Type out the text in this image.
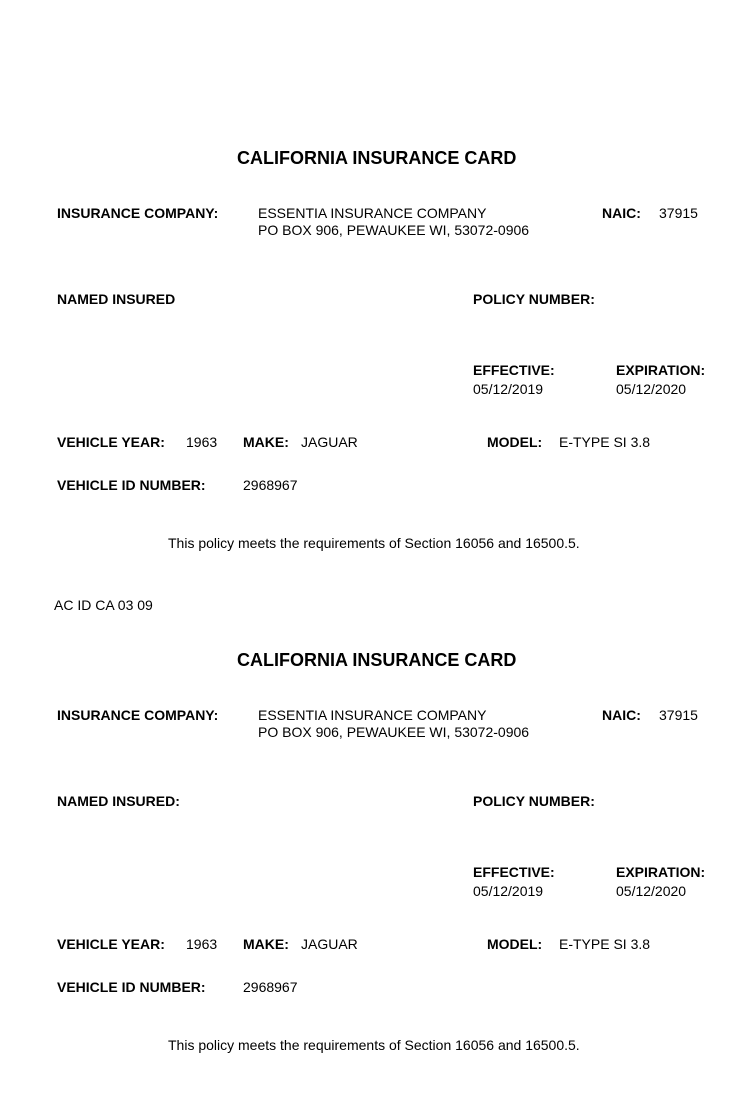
CALIFORNIA INSURANCE CARD
INSURANCE COMPANY:	ESSENTIA INSURANCE COMPANY
PO BOX 906, PEWAUKEE WI, 53072-0906
NAIC: 37915
NAMED INSURED	POLICY NUMBER:
EFFECTIVE:
05/12/2019
EXPIRATION:
05/12/2020
VEHICLE YEAR: 1963 MAKE: JAGUAR	MODEL: E-TYPE SI 3.8
VEHICLE ID NUMBER:	2968967
This policy meets the requirements of Section 16056 and 16500.5.
AC ID CA 03 09
CALIFORNIA INSURANCE CARD
INSURANCE COMPANY:	ESSENTIA INSURANCE COMPANY
PO BOX 906, PEWAUKEE WI, 53072-0906
NAIC: 37915
NAMED INSURED:	POLICY NUMBER:
EFFECTIVE:
05/12/2019
EXPIRATION:
05/12/2020
VEHICLE YEAR: 1963 MAKE: JAGUAR	MODEL: E-TYPE SI 3.8
VEHICLE ID NUMBER:	2968967
This policy meets the requirements of Section 16056 and 16500.5.
